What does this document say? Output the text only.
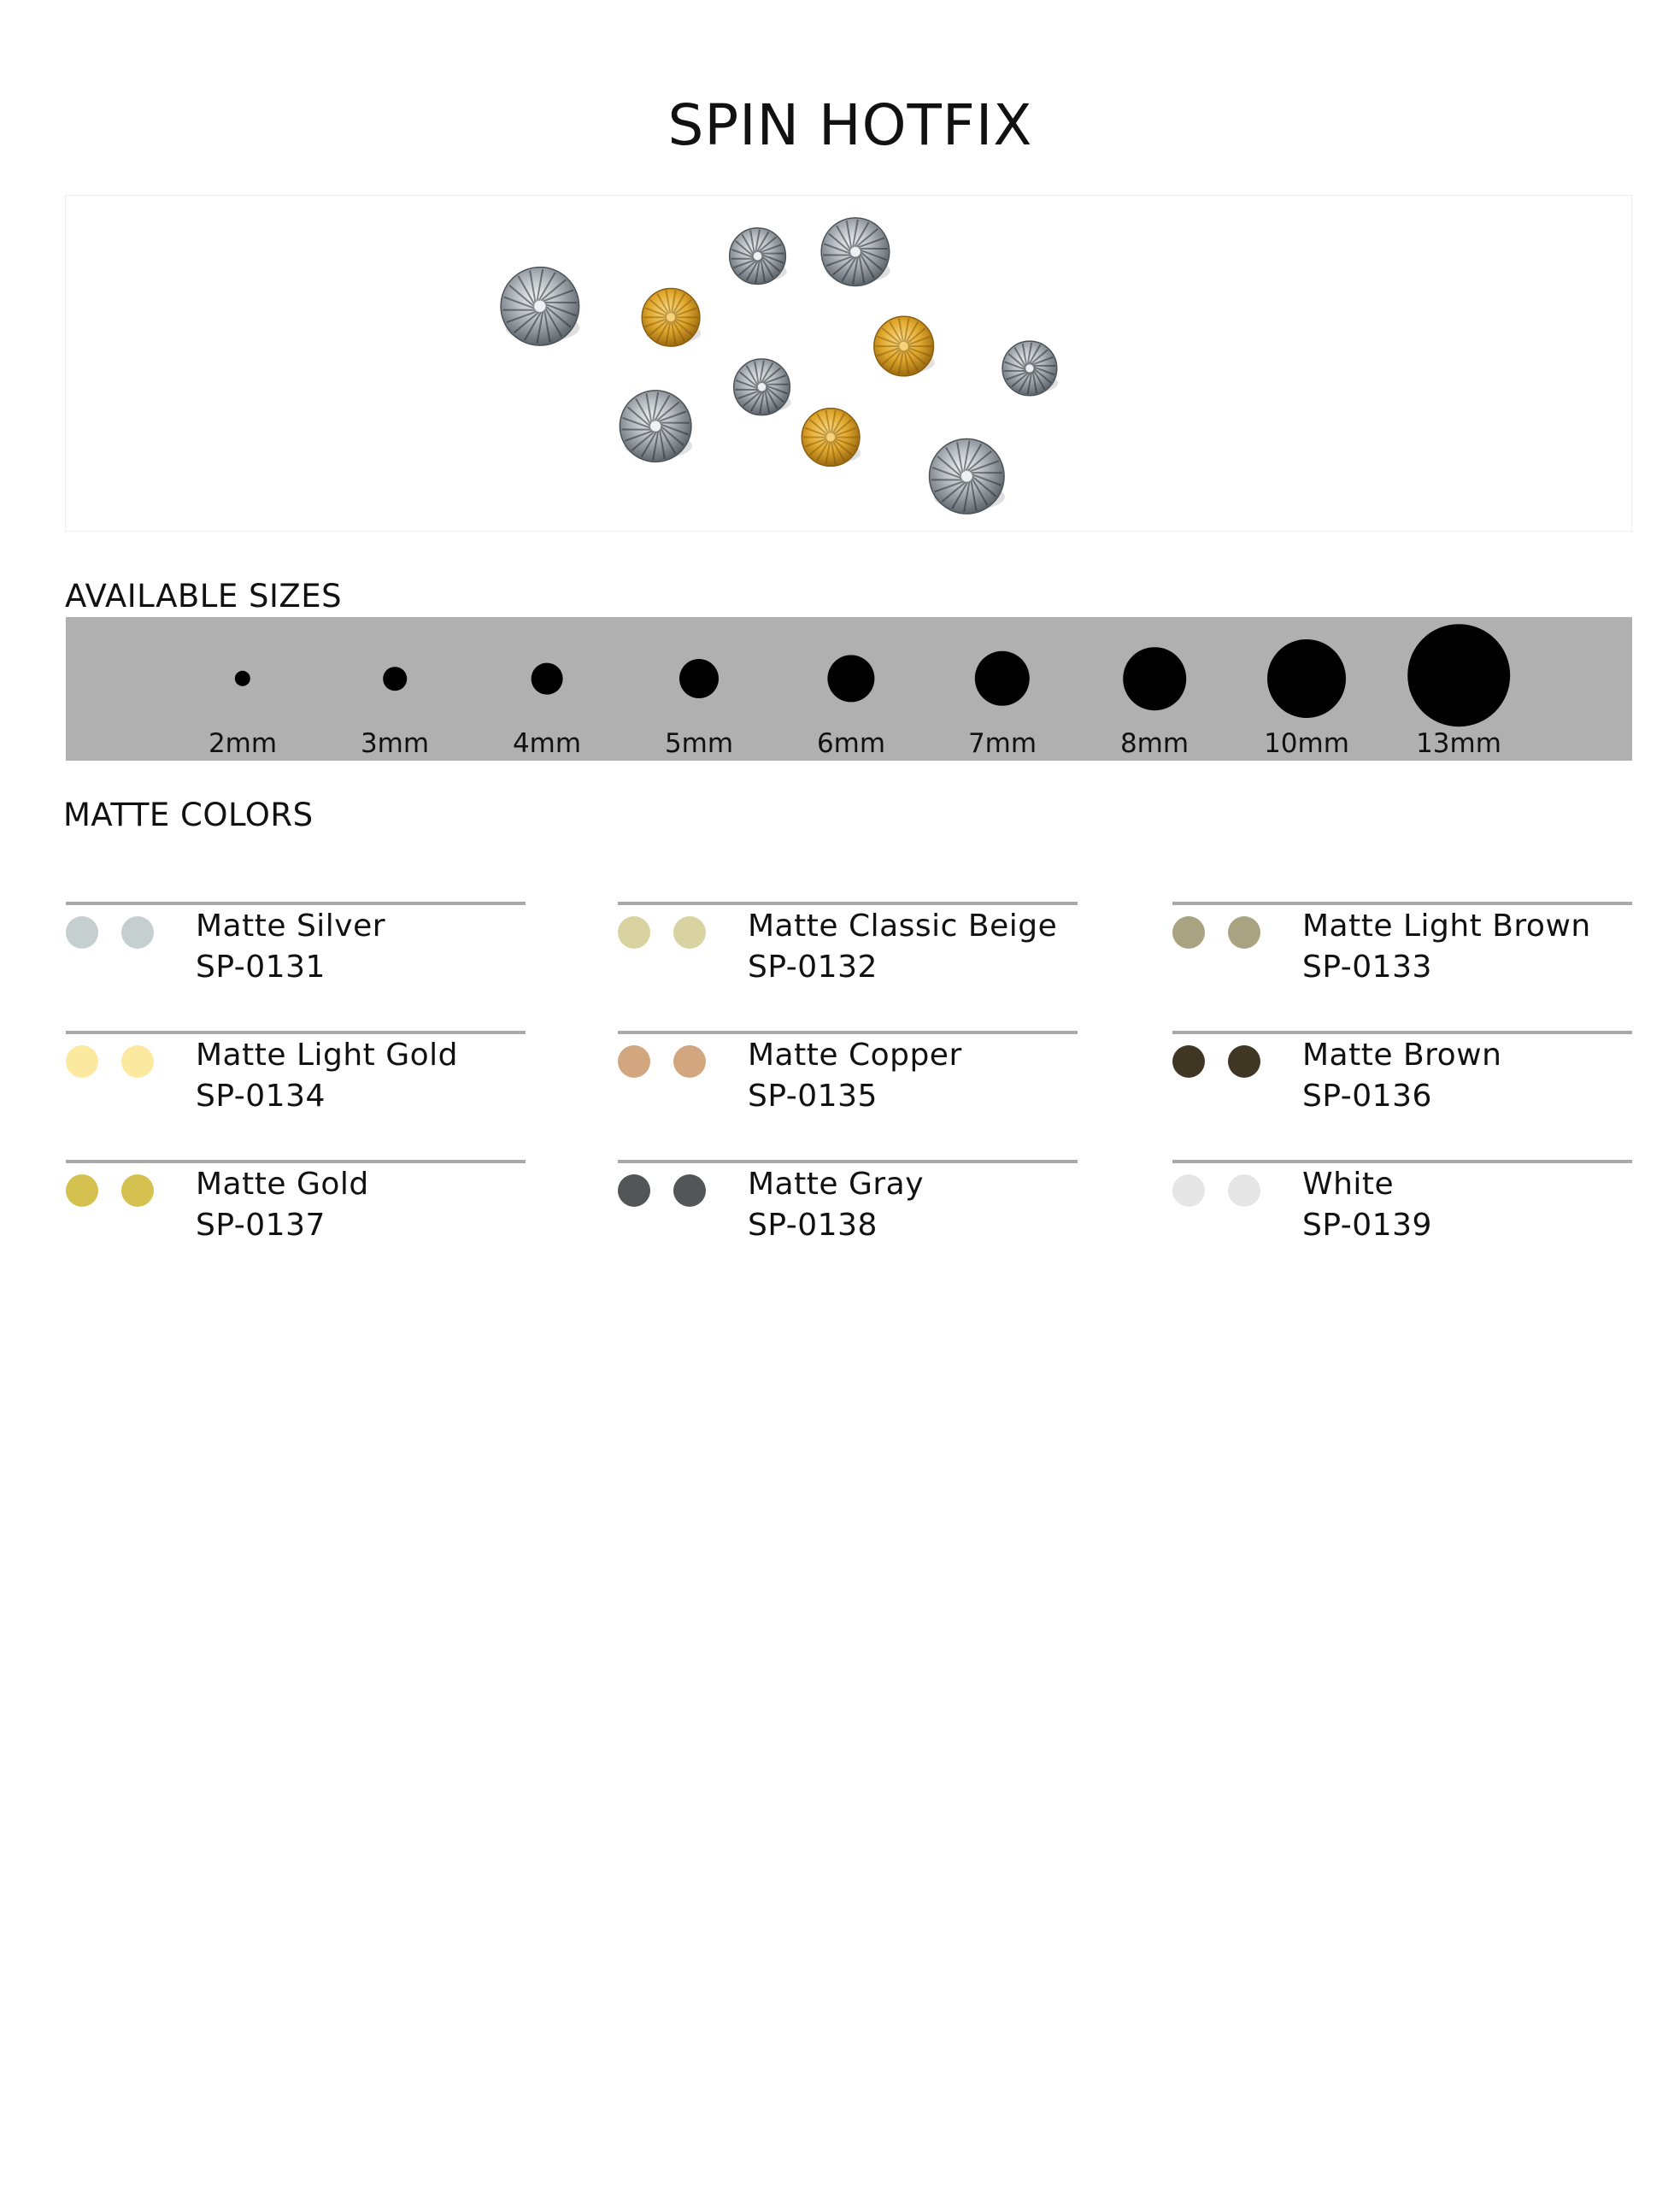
SPIN HOTFIX
AVAILABLE SIZES
2mm	3mm	4mm	5mm	6mm	7mm	8mm	10mm	13mm
MATTE COLORS
Matte Silver
SP-0131
Matte Classic Beige
SP-0132
Matte Light Brown
SP-0133
Matte Light Gold
SP-0134
Matte Copper
SP-0135
Matte Brown
SP-0136
Matte Gold
SP-0137
Matte Gray
SP-0138
White
SP-0139
